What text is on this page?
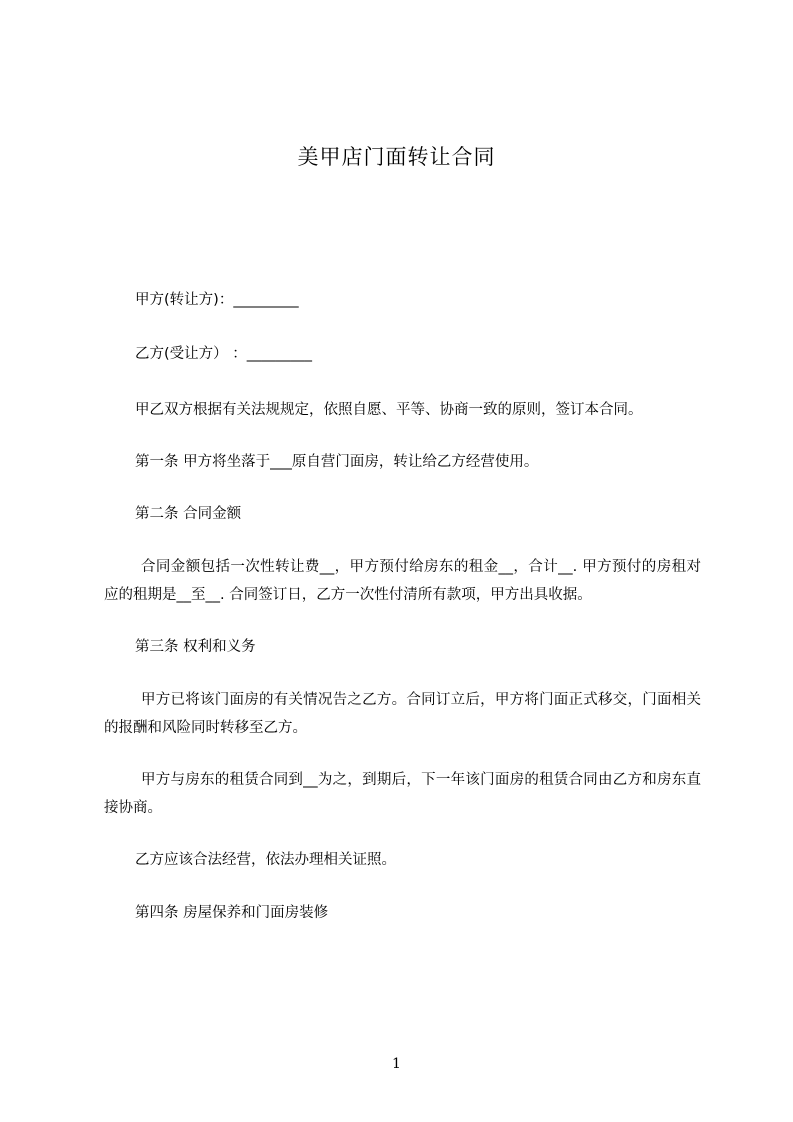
美甲店门面转让合同
甲方(转让方)：_________
乙方(受让方） ：_________
甲乙双方根据有关法规规定，依照自愿、平等、协商一致的原则，签订本合同。
第一条 甲方将坐落于___原自营门面房，转让给乙方经营使用。
第二条 合同金额
合同金额包括一次性转让费__，甲方预付给房东的租金__，合计__. 甲方预付的房租对应的租期是__至__. 合同签订日，乙方一次性付清所有款项，甲方出具收据。
第三条 权利和义务
甲方已将该门面房的有关情况告之乙方。合同订立后，甲方将门面正式移交，门面相关的报酬和风险同时转移至乙方。
甲方与房东的租赁合同到__为之，到期后，下一年该门面房的租赁合同由乙方和房东直接协商。
乙方应该合法经营，依法办理相关证照。
第四条 房屋保养和门面房装修
1
